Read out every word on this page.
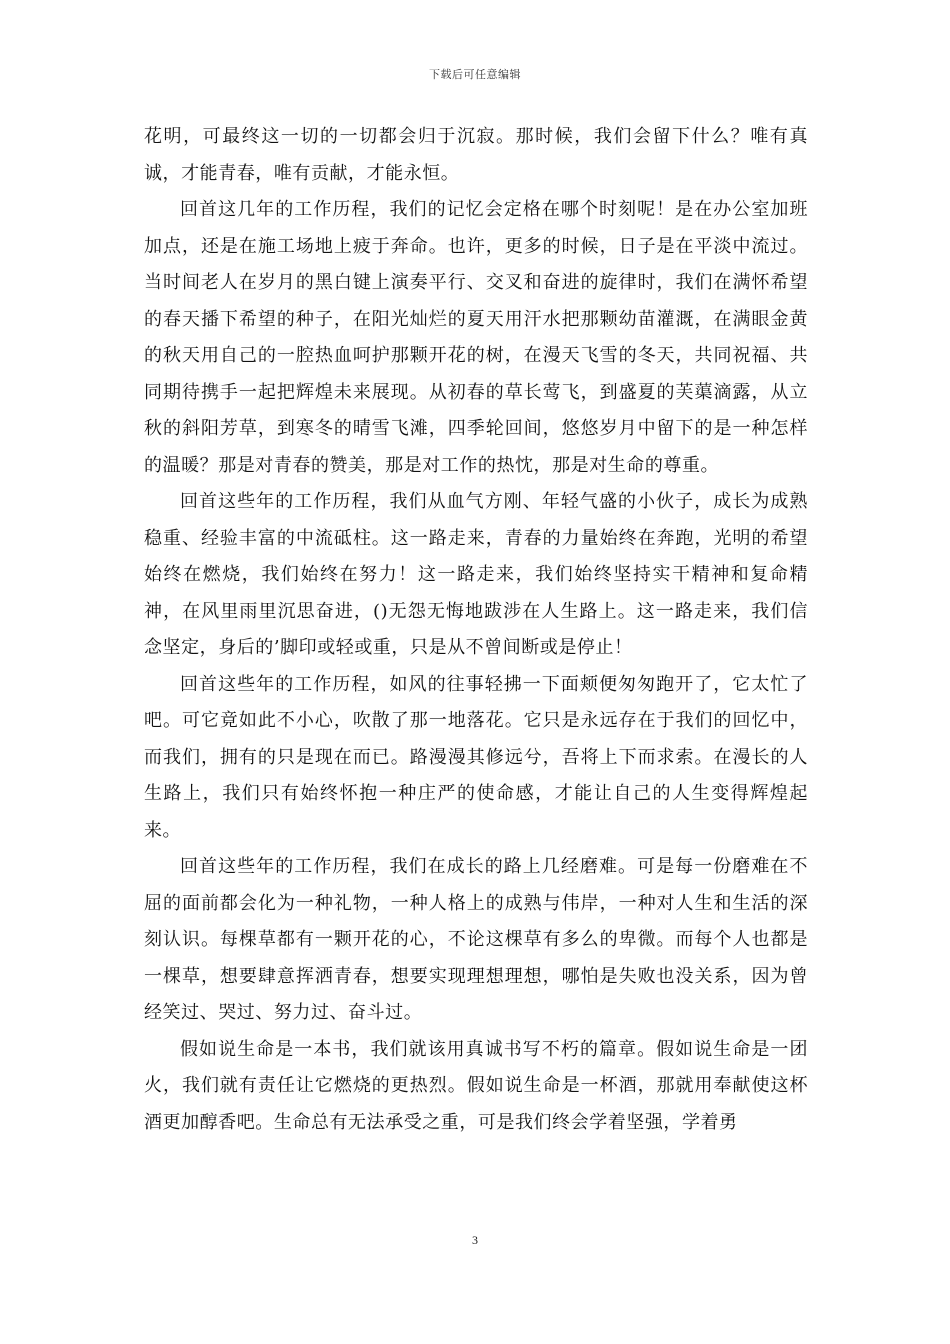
下载后可任意编辑

花明，可最终这一切的一切都会归于沉寂。那时候，我们会留下什么？唯有真诚，才能青春，唯有贡献，才能永恒。

回首这几年的工作历程，我们的记忆会定格在哪个时刻呢！是在办公室加班加点，还是在施工场地上疲于奔命。也许，更多的时候，日子是在平淡中流过。当时间老人在岁月的黑白键上演奏平行、交叉和奋进的旋律时，我们在满怀希望的春天播下希望的种子，在阳光灿烂的夏天用汗水把那颗幼苗灌溉，在满眼金黄的秋天用自己的一腔热血呵护那颗开花的树，在漫天飞雪的冬天，共同祝福、共同期待携手一起把辉煌未来展现。从初春的草长莺飞，到盛夏的芙蕖滴露，从立秋的斜阳芳草，到寒冬的晴雪飞滩，四季轮回间，悠悠岁月中留下的是一种怎样的温暖？那是对青春的赞美，那是对工作的热忱，那是对生命的尊重。

回首这些年的工作历程，我们从血气方刚、年轻气盛的小伙子，成长为成熟稳重、经验丰富的中流砥柱。这一路走来，青春的力量始终在奔跑，光明的希望始终在燃烧，我们始终在努力！这一路走来，我们始终坚持实干精神和复命精神，在风里雨里沉思奋进，()无怨无悔地跋涉在人生路上。这一路走来，我们信念坚定，身后的’脚印或轻或重，只是从不曾间断或是停止！

回首这些年的工作历程，如风的往事轻拂一下面颊便匆匆跑开了，它太忙了吧。可它竟如此不小心，吹散了那一地落花。它只是永远存在于我们的回忆中，而我们，拥有的只是现在而已。路漫漫其修远兮，吾将上下而求索。在漫长的人生路上，我们只有始终怀抱一种庄严的使命感，才能让自己的人生变得辉煌起来。

回首这些年的工作历程，我们在成长的路上几经磨难。可是每一份磨难在不屈的面前都会化为一种礼物，一种人格上的成熟与伟岸，一种对人生和生活的深刻认识。每棵草都有一颗开花的心，不论这棵草有多么的卑微。而每个人也都是一棵草，想要肆意挥洒青春，想要实现理想理想，哪怕是失败也没关系，因为曾经笑过、哭过、努力过、奋斗过。

假如说生命是一本书，我们就该用真诚书写不朽的篇章。假如说生命是一团火，我们就有责任让它燃烧的更热烈。假如说生命是一杯酒，那就用奉献使这杯酒更加醇香吧。生命总有无法承受之重，可是我们终会学着坚强，学着勇

3
